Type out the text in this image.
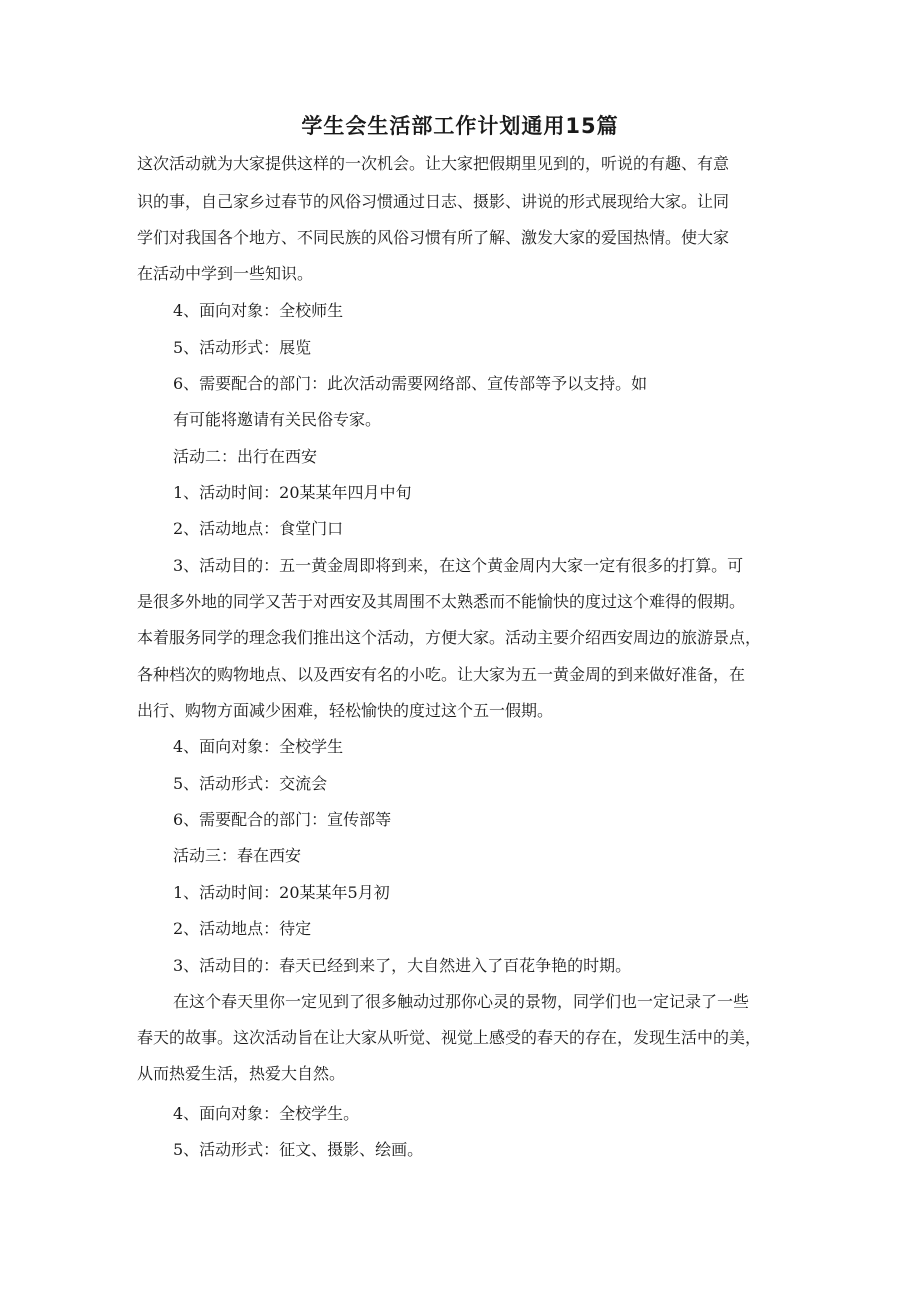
学生会生活部工作计划通用15篇
这次活动就为大家提供这样的一次机会。让大家把假期里见到的，听说的有趣、有意
识的事，自己家乡过春节的风俗习惯通过日志、摄影、讲说的形式展现给大家。让同
学们对我国各个地方、不同民族的风俗习惯有所了解、激发大家的爱国热情。使大家
在活动中学到一些知识。
4、面向对象：全校师生
5、活动形式：展览
6、需要配合的部门：此次活动需要网络部、宣传部等予以支持。如
有可能将邀请有关民俗专家。
活动二：出行在西安
1、活动时间：20某某年四月中旬
2、活动地点：食堂门口
3、活动目的：五一黄金周即将到来，在这个黄金周内大家一定有很多的打算。可
是很多外地的同学又苦于对西安及其周围不太熟悉而不能愉快的度过这个难得的假期。
本着服务同学的理念我们推出这个活动，方便大家。活动主要介绍西安周边的旅游景点，
各种档次的购物地点、以及西安有名的小吃。让大家为五一黄金周的到来做好准备，在
出行、购物方面减少困难，轻松愉快的度过这个五一假期。
4、面向对象：全校学生
5、活动形式：交流会
6、需要配合的部门：宣传部等
活动三：春在西安
1、活动时间：20某某年5月初
2、活动地点：待定
3、活动目的：春天已经到来了，大自然进入了百花争艳的时期。
在这个春天里你一定见到了很多触动过那你心灵的景物，同学们也一定记录了一些
春天的故事。这次活动旨在让大家从听觉、视觉上感受的春天的存在，发现生活中的美，
从而热爱生活，热爱大自然。
4、面向对象：全校学生。
5、活动形式：征文、摄影、绘画。
